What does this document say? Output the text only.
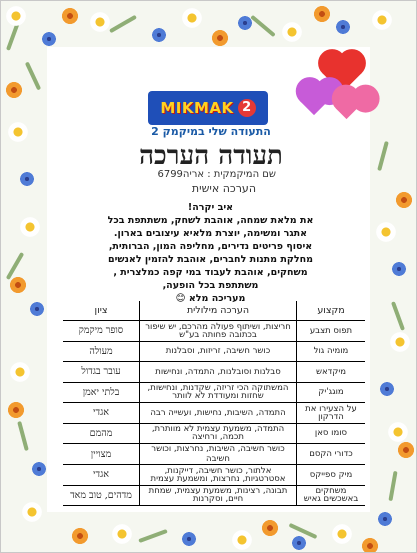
MIKMAK 2
התעודה שלי במיקמק 2
תעודה הערכה
שם המיקמקית : אריה6799
הערכה אישית

איב יקרה!

את מלאת שמחה, אוהבת לשחק, משתתפת בכל

אתגר ומשימה, יוצרת מלאיא עיצובים בארון.

איסוף פריטים נדירים, מחליפה המון, הברותית,

מחלקת מתנות לחברים, אוהבת להזמין לאנשים

משחקים, אוהבת לעבוד במי קפה כמלצרית ,

משתתפת בכל הופעה,

מעריכה מלא 😊

מקצוע	הערכה מילולית	ציון
תפוס תצבע	חריצות, ושיתוף פעולה מהרכם, יש שיפור בכתובה פחותה בע"ש	סופר מיקמק
מומיה גול	כושר חשיבה, זריזות, וסבלנות	מעולה
מיקדאש	סבלנות וסובלנות, התמדה, ונחישות	עובר בגדול
מוגג'יק	המשתוקה הכי זריזה, שקדנות, ונחישות, שחזות ומעודדת לא לוותר	בלתי יאמן
על הצעירו את הדרקון	התמדה, השיבות, נחישות, ועשייה רבה	אגדי
סומו סאן	התמדה, משמעת עצמית לא מוותרת, תכמה, ורחיצה	מהמם
כדורי הקסם	כושר חשיבה, השיבות, נחרצות, וכושר חשיבה	מצויין
מיק ספייקס	אלתור, כושר חשיבה, דייקנות, אסטרטגיות, נחרצות, ומשמעת עצמית	אגדי
משחקים באשכשים גאיש	תבונה, רצינות, משמעת עצמית, שמחת חיים, וסקרנות	מדהים, טוב מאד
